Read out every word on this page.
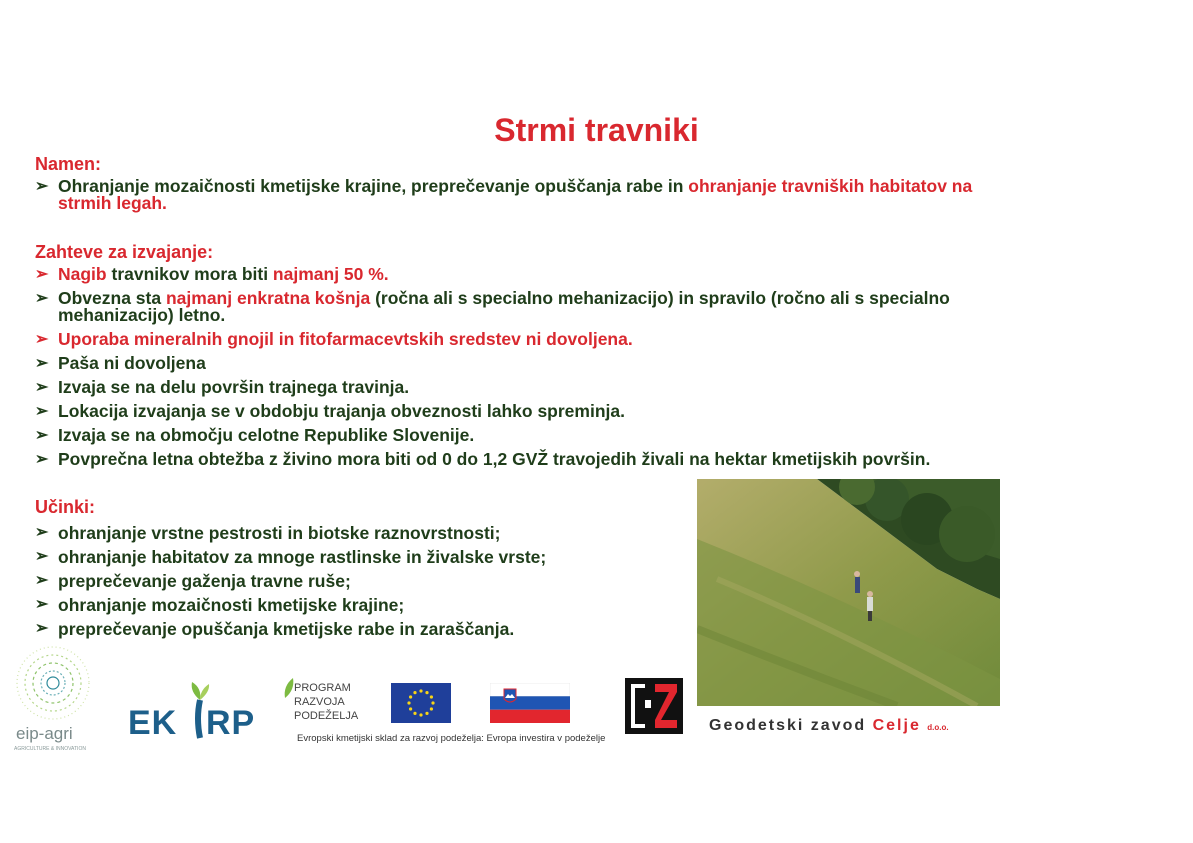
Strmi travniki
Namen:
➢ Ohranjanje mozaičnosti kmetijske krajine, preprečevanje opuščanja rabe in ohranjanje travniških habitatov na
strmih legah.
Zahteve za izvajanje:
➢ Nagib travnikov mora biti najmanj 50 %.
➢ Obvezna sta najmanj enkratna košnja (ročna ali s specialno mehanizacijo) in spravilo (ročno ali s specialno
mehanizacijo) letno.
➢ Uporaba mineralnih gnojil in fitofarmacevtskih sredstev ni dovoljena.
➢ Paša ni dovoljena
➢ Izvaja se na delu površin trajnega travinja.
➢ Lokacija izvajanja se v obdobju trajanja obveznosti lahko spreminja.
➢ Izvaja se na območju celotne Republike Slovenije.
➢ Povprečna letna obtežba z živino mora biti od 0 do 1,2 GVŽ travojedih živali na hektar kmetijskih površin.
Učinki:
➢ ohranjanje vrstne pestrosti in biotske raznovrstnosti;
➢ ohranjanje habitatov za mnoge rastlinske in živalske vrste;
➢ preprečevanje gaženja travne ruše;
➢ ohranjanje mozaičnosti kmetijske krajine;
➢ preprečevanje opuščanja kmetijske rabe in zaraščanja.
eip-agri
AGRICULTURE & INNOVATION
EK RP
PROGRAM
RAZVOJA
PODEŽELJA
Evropski kmetijski sklad za razvoj podeželja: Evropa investira v podeželje
Geodetski zavod Celje d.o.o.
